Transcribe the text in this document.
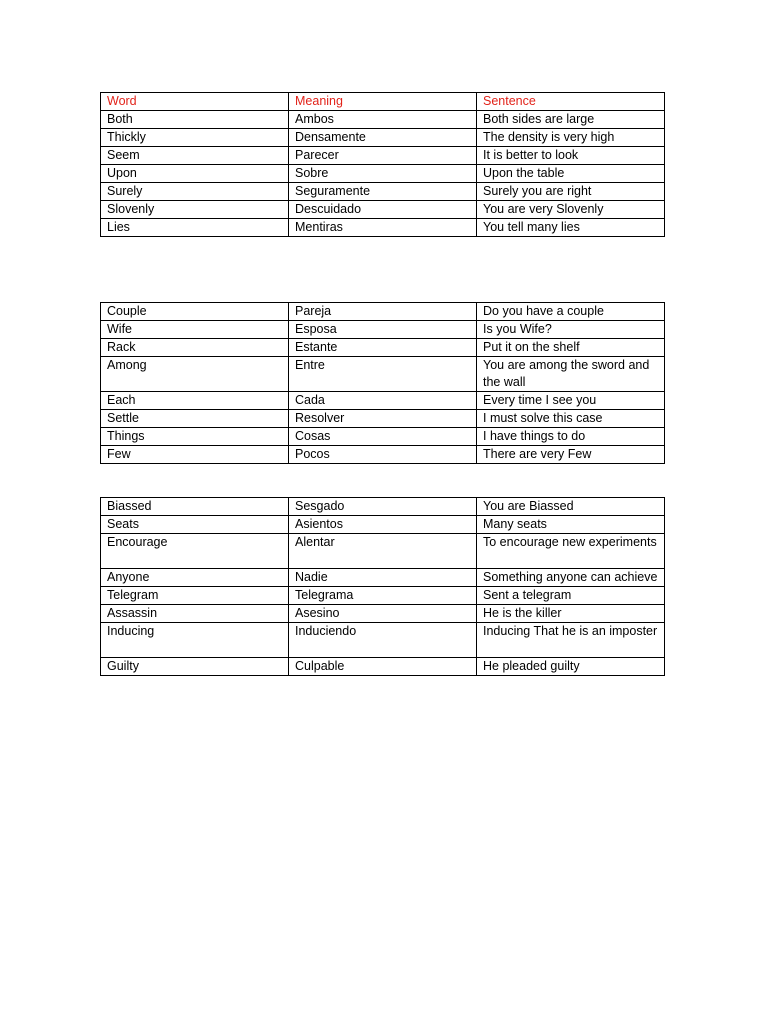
Word	Meaning	Sentence
Both	Ambos	Both sides are large
Thickly	Densamente	The density is very high
Seem	Parecer	It is better to look
Upon	Sobre	Upon the table
Surely	Seguramente	Surely you are right
Slovenly	Descuidado	You are very Slovenly
Lies	Mentiras	You tell many lies
Couple	Pareja	Do you have a couple
Wife	Esposa	Is you Wife?
Rack	Estante	Put it on the shelf
Among	Entre	You are among the sword and the wall
Each	Cada	Every time I see you
Settle	Resolver	I must solve this case
Things	Cosas	I have things to do
Few	Pocos	There are very Few
Biassed	Sesgado	You are Biassed
Seats	Asientos	Many seats
Encourage	Alentar	To encourage new experiments
Anyone	Nadie	Something anyone can achieve
Telegram	Telegrama	Sent a telegram
Assassin	Asesino	He is the killer
Inducing	Induciendo	Inducing That he is an imposter
Guilty	Culpable	He pleaded guilty
